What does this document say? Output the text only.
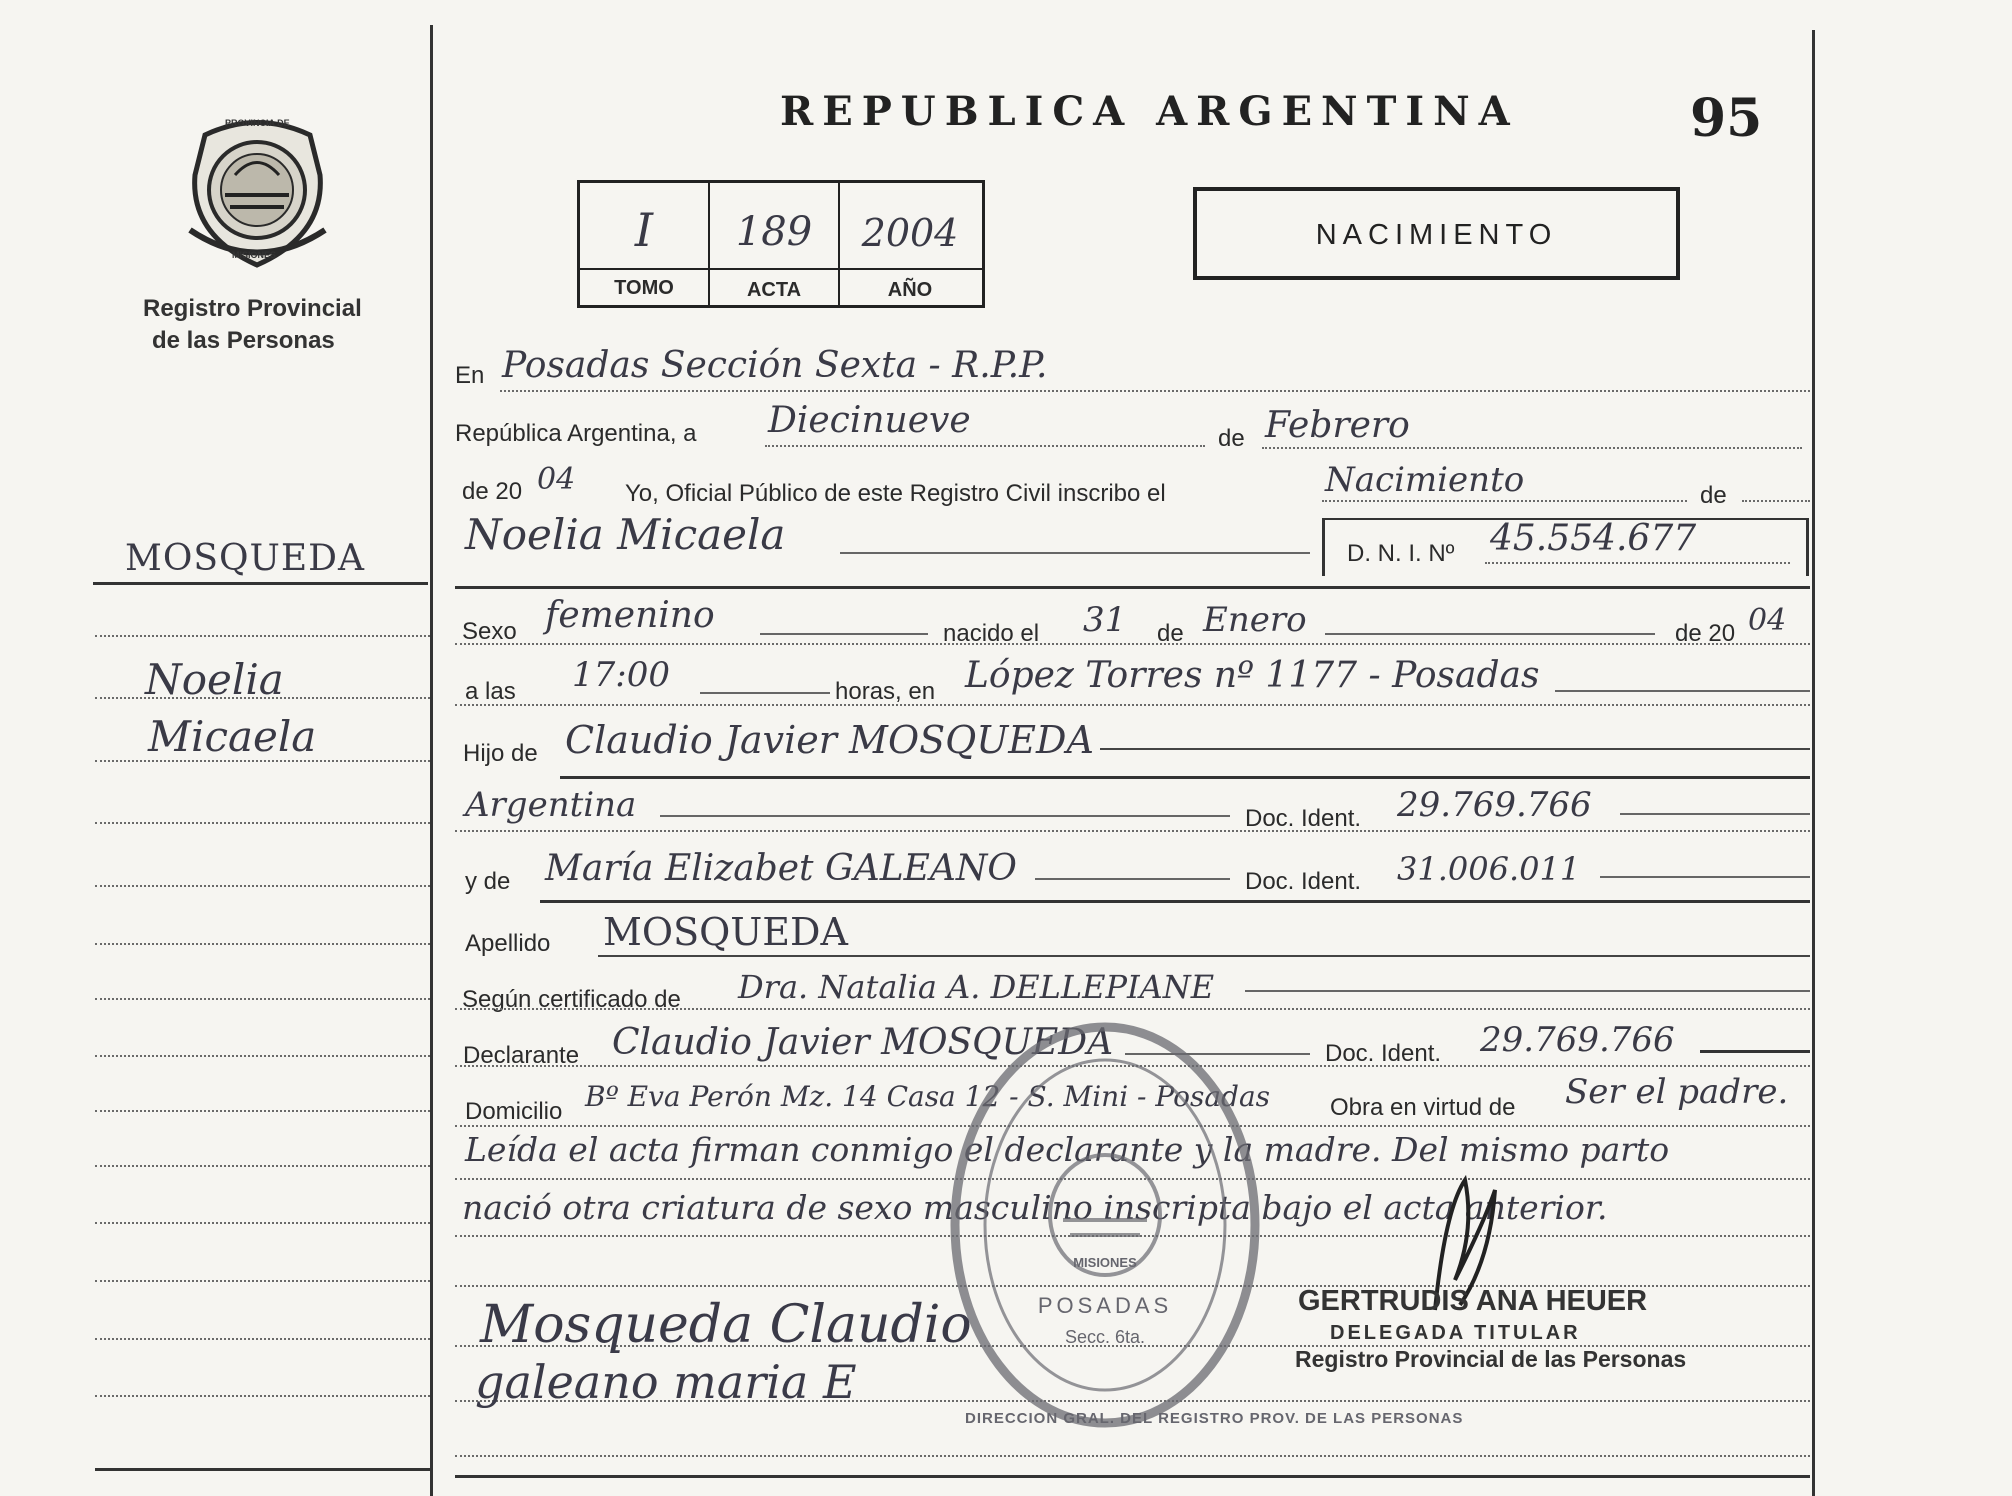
REPUBLICA ARGENTINA	95
PROVINCIA DE
MISIONES
Registro Provincial
de las Personas
I	189	2004
TOMO	ACTA	AÑO
NACIMIENTO
MOSQUEDA
Noelia
Micaela
En Posadas Sección Sexta - R.P.P.
República Argentina, a Diecinueve	de Febrero
de 20 04 Yo, Oficial Público de este Registro Civil inscribo el	Nacimiento	de
Noelia Micaela	D. N. I. Nº 45.554.677
Sexo femenino	nacido el 31 de Enero	de 20 04
a las 17:00	horas, en López Torres nº 1177 - Posadas
Hijo de Claudio Javier MOSQUEDA
Argentina	Doc. Ident. 29.769.766
y de María Elizabet GALEANO	Doc. Ident. 31.006.011
Apellido MOSQUEDA
Según certificado de Dra. Natalia A. DELLEPIANE
Declarante Claudio Javier MOSQUEDA	Doc. Ident. 29.769.766
Domicilio Bº Eva Perón Mz. 14 Casa 12 - S. Mini - Posadas Obra en virtud de Ser el padre.
Leída el acta firman conmigo el declarante y la madre. Del mismo parto
nació otra criatura de sexo masculino inscripta bajo el acta anterior.
DIRECCION GRAL. DEL REGISTRO PROV. DE LAS PERSONAS
MISIONES
POSADAS
Secc. 6ta.
Mosqueda Claudio
galeano maria E
GERTRUDIS ANA HEUER
DELEGADA TITULAR
Registro Provincial de las Personas
